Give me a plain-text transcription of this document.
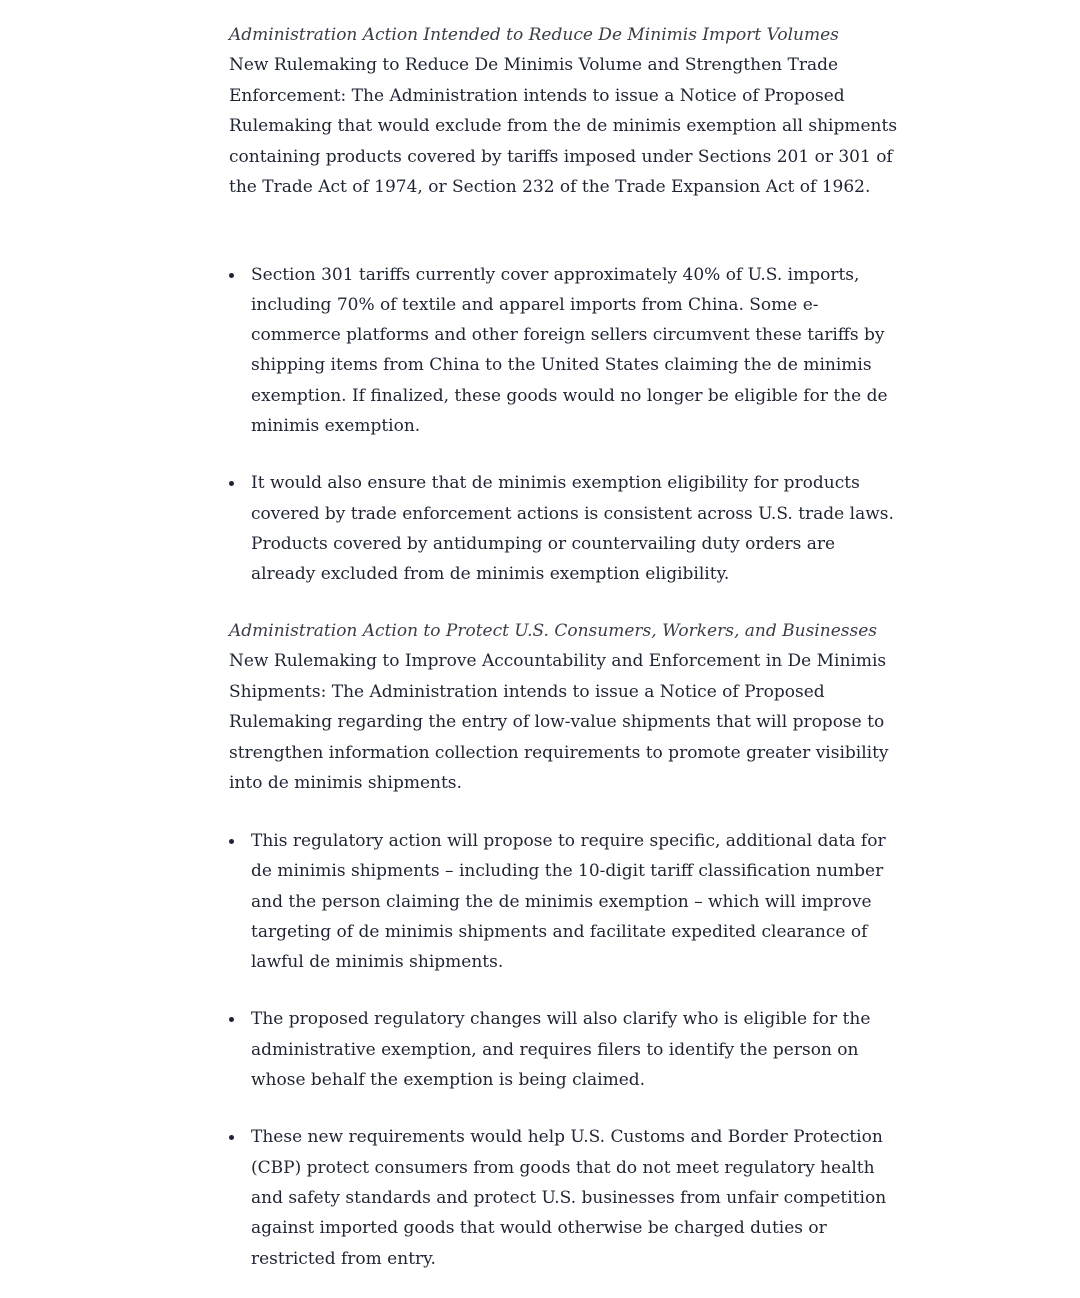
Administration Action Intended to Reduce De Minimis Import Volumes

New Rulemaking to Reduce De Minimis Volume and Strengthen Trade Enforcement: The Administration intends to issue a Notice of Proposed Rulemaking that would exclude from the de minimis exemption all shipments containing products covered by tariffs imposed under Sections 201 or 301 of the Trade Act of 1974, or Section 232 of the Trade Expansion Act of 1962.

Section 301 tariffs currently cover approximately 40% of U.S. imports, including 70% of textile and apparel imports from China. Some e-commerce platforms and other foreign sellers circumvent these tariffs by shipping items from China to the United States claiming the de minimis exemption. If finalized, these goods would no longer be eligible for the de minimis exemption.
It would also ensure that de minimis exemption eligibility for products covered by trade enforcement actions is consistent across U.S. trade laws. Products covered by antidumping or countervailing duty orders are already excluded from de minimis exemption eligibility.

Administration Action to Protect U.S. Consumers, Workers, and Businesses

New Rulemaking to Improve Accountability and Enforcement in De Minimis Shipments: The Administration intends to issue a Notice of Proposed Rulemaking regarding the entry of low-value shipments that will propose to strengthen information collection requirements to promote greater visibility into de minimis shipments.

This regulatory action will propose to require specific, additional data for de minimis shipments – including the 10-digit tariff classification number and the person claiming the de minimis exemption – which will improve targeting of de minimis shipments and facilitate expedited clearance of lawful de minimis shipments.
The proposed regulatory changes will also clarify who is eligible for the administrative exemption, and requires filers to identify the person on whose behalf the exemption is being claimed.
These new requirements would help U.S. Customs and Border Protection (CBP) protect consumers from goods that do not meet regulatory health and safety standards and protect U.S. businesses from unfair competition against imported goods that would otherwise be charged duties or restricted from entry.
